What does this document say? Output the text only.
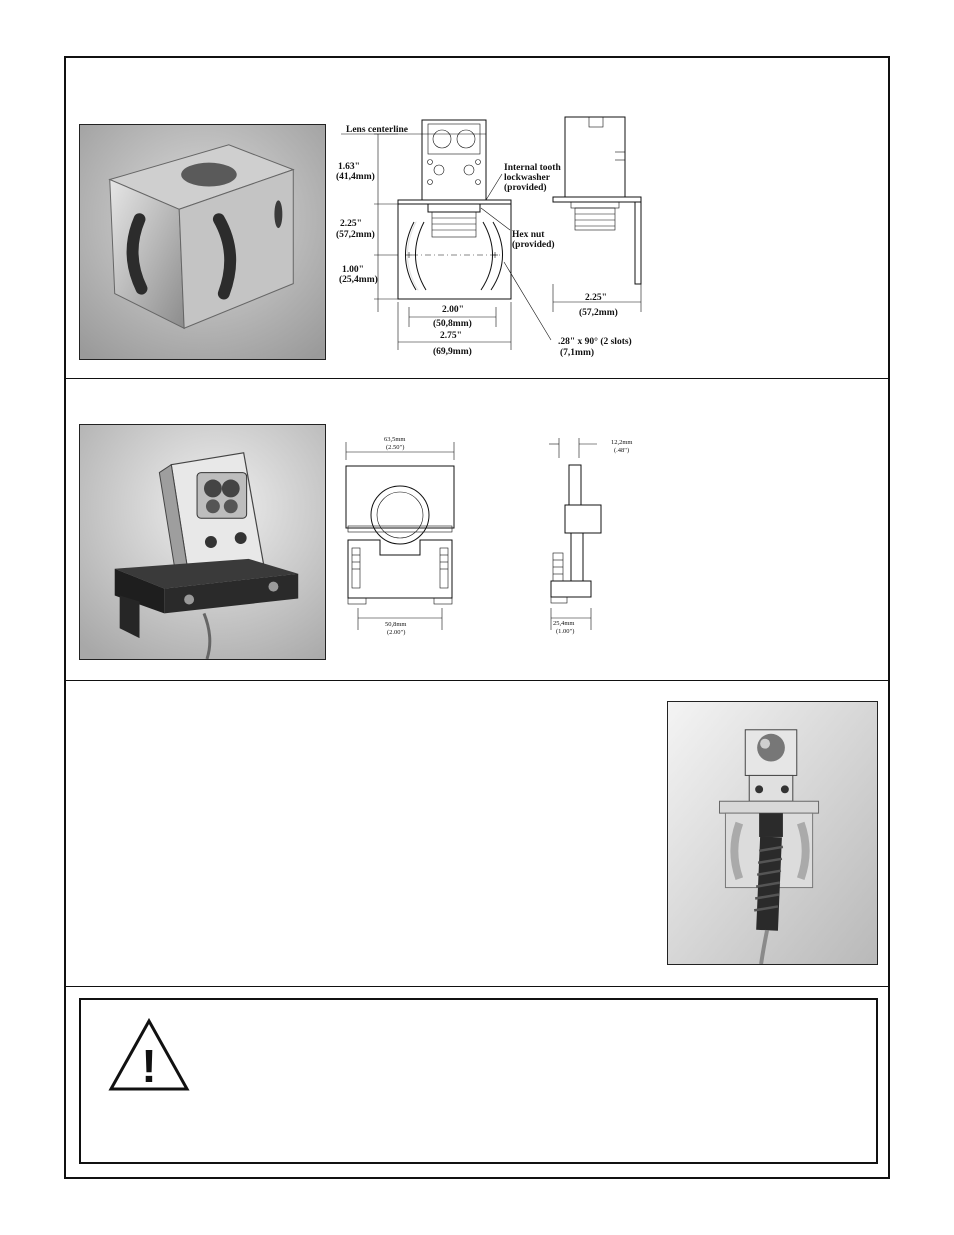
Lens centerline
1.63"
(41,4mm)
Internal tooth
lockwasher
(provided)
2.25"
(57,2mm)	Hex nut
(provided)
1.00"
(25,4mm)
2.00"
(50,8mm)
2.75"
(69,9mm)
.28" x 90° (2 slots)
(7,1mm)
2.25"
(57,2mm)
63,5mm
(2.50")
50,8mm
(2.00")
12,2mm
(.48")
25,4mm
(1.00")
!
